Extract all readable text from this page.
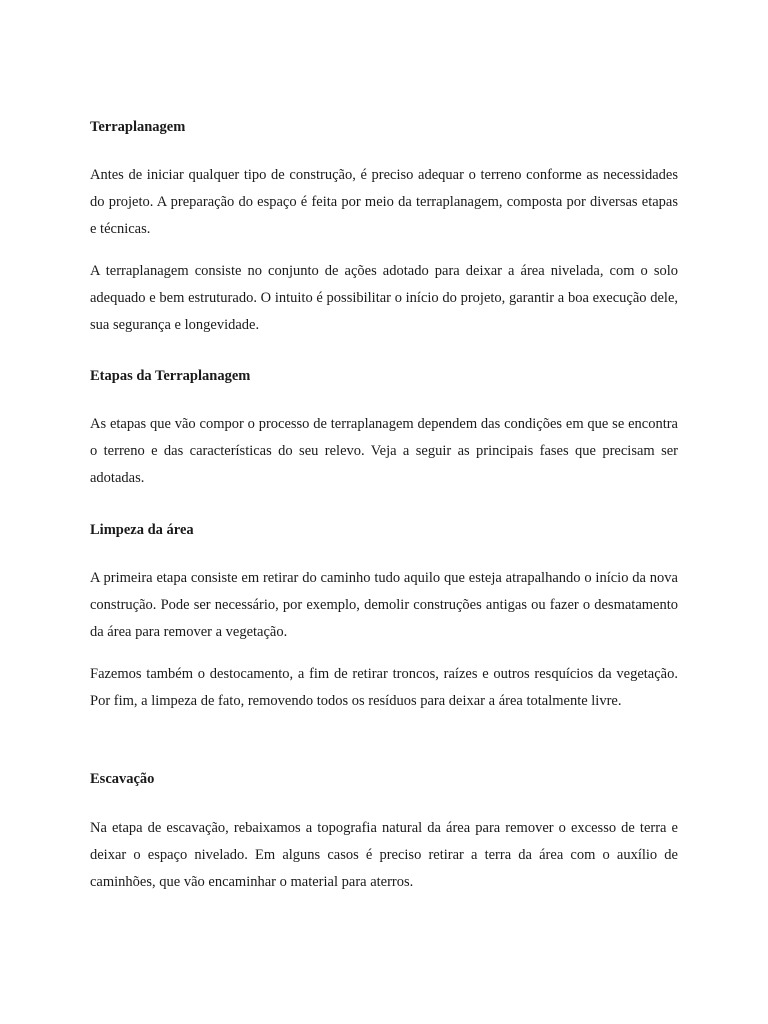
Terraplanagem

Antes de iniciar qualquer tipo de construção, é preciso adequar o terreno conforme as necessidades do projeto. A preparação do espaço é feita por meio da terraplanagem, composta por diversas etapas e técnicas.

A terraplanagem consiste no conjunto de ações adotado para deixar a área nivelada, com o solo adequado e bem estruturado. O intuito é possibilitar o início do projeto, garantir a boa execução dele, sua segurança e longevidade.

Etapas da Terraplanagem

As etapas que vão compor o processo de terraplanagem dependem das condições em que se encontra o terreno e das características do seu relevo. Veja a seguir as principais fases que precisam ser adotadas.

Limpeza da área

A primeira etapa consiste em retirar do caminho tudo aquilo que esteja atrapalhando o início da nova construção. Pode ser necessário, por exemplo, demolir construções antigas ou fazer o desmatamento da área para remover a vegetação.

Fazemos também o destocamento, a fim de retirar troncos, raízes e outros resquícios da vegetação. Por fim, a limpeza de fato, removendo todos os resíduos para deixar a área totalmente livre.

Escavação

Na etapa de escavação, rebaixamos a topografia natural da área para remover o excesso de terra e deixar o espaço nivelado. Em alguns casos é preciso retirar a terra da área com o auxílio de caminhões, que vão encaminhar o material para aterros.
